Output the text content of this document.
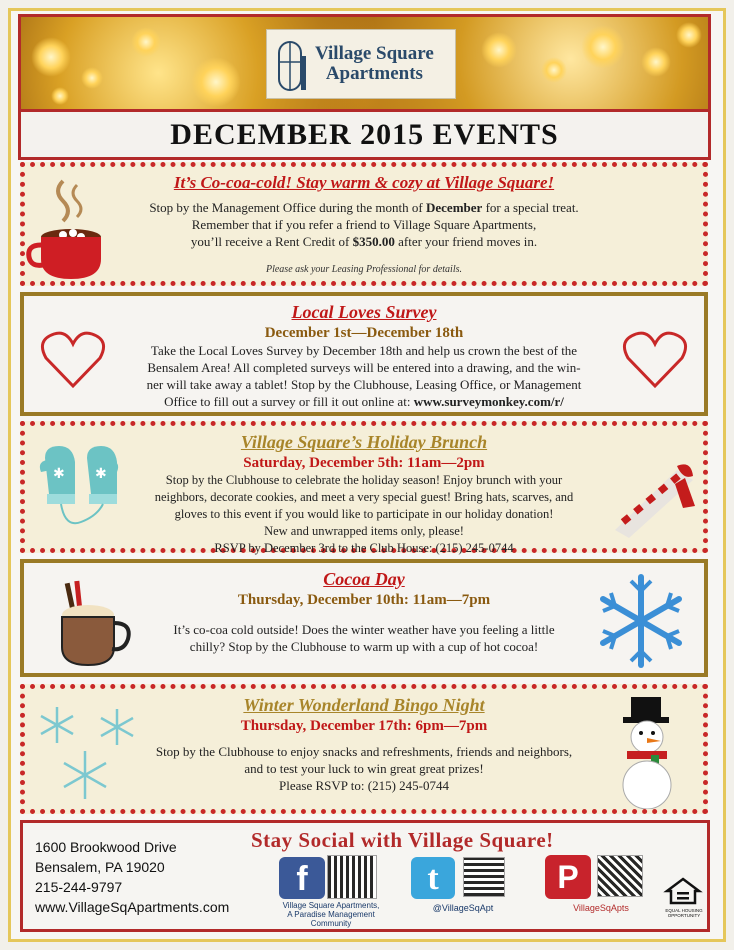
Village Square
Apartments
DECEMBER 2015 EVENTS
It’s Co-coa-cold! Stay warm & cozy at Village Square!
Stop by the Management Office during the month of December for a special treat.
Remember that if you refer a friend to Village Square Apartments,
you’ll receive a Rent Credit of $350.00 after your friend moves in.
Please ask your Leasing Professional for details.
Local Loves Survey
December 1st—December 18th
Take the Local Loves Survey by December 18th and help us crown the best of the
Bensalem Area! All completed surveys will be entered into a drawing, and the win-
ner will take away a tablet! Stop by the Clubhouse, Leasing Office, or Management
Office to fill out a survey or fill it out online at: www.surveymonkey.com/r/
✱ ✱
Village Square’s Holiday Brunch
Saturday, December 5th: 11am—2pm
Stop by the Clubhouse to celebrate the holiday season! Enjoy brunch with your
neighbors, decorate cookies, and meet a very special guest! Bring hats, scarves, and
gloves to this event if you would like to participate in our holiday donation!
New and unwrapped items only, please!
RSVP by December 3rd to the Club House: (215) 245-0744
Cocoa Day
Thursday, December 10th: 11am—7pm
It’s co-coa cold outside! Does the winter weather have you feeling a little
chilly? Stop by the Clubhouse to warm up with a cup of hot cocoa!
Winter Wonderland Bingo Night
Thursday, December 17th: 6pm—7pm
Stop by the Clubhouse to enjoy snacks and refreshments, friends and neighbors,
and to test your luck to win great great prizes!
Please RSVP to: (215) 245-0744
1600 Brookwood Drive
Bensalem, PA 19020
215-244-9797
www.VillageSqApartments.com
Stay Social with Village Square!
f
Village Square Apartments,
A Paradise Management Community
t
@VillageSqApt
P
VillageSqApts	EQUAL HOUSING OPPORTUNITY
